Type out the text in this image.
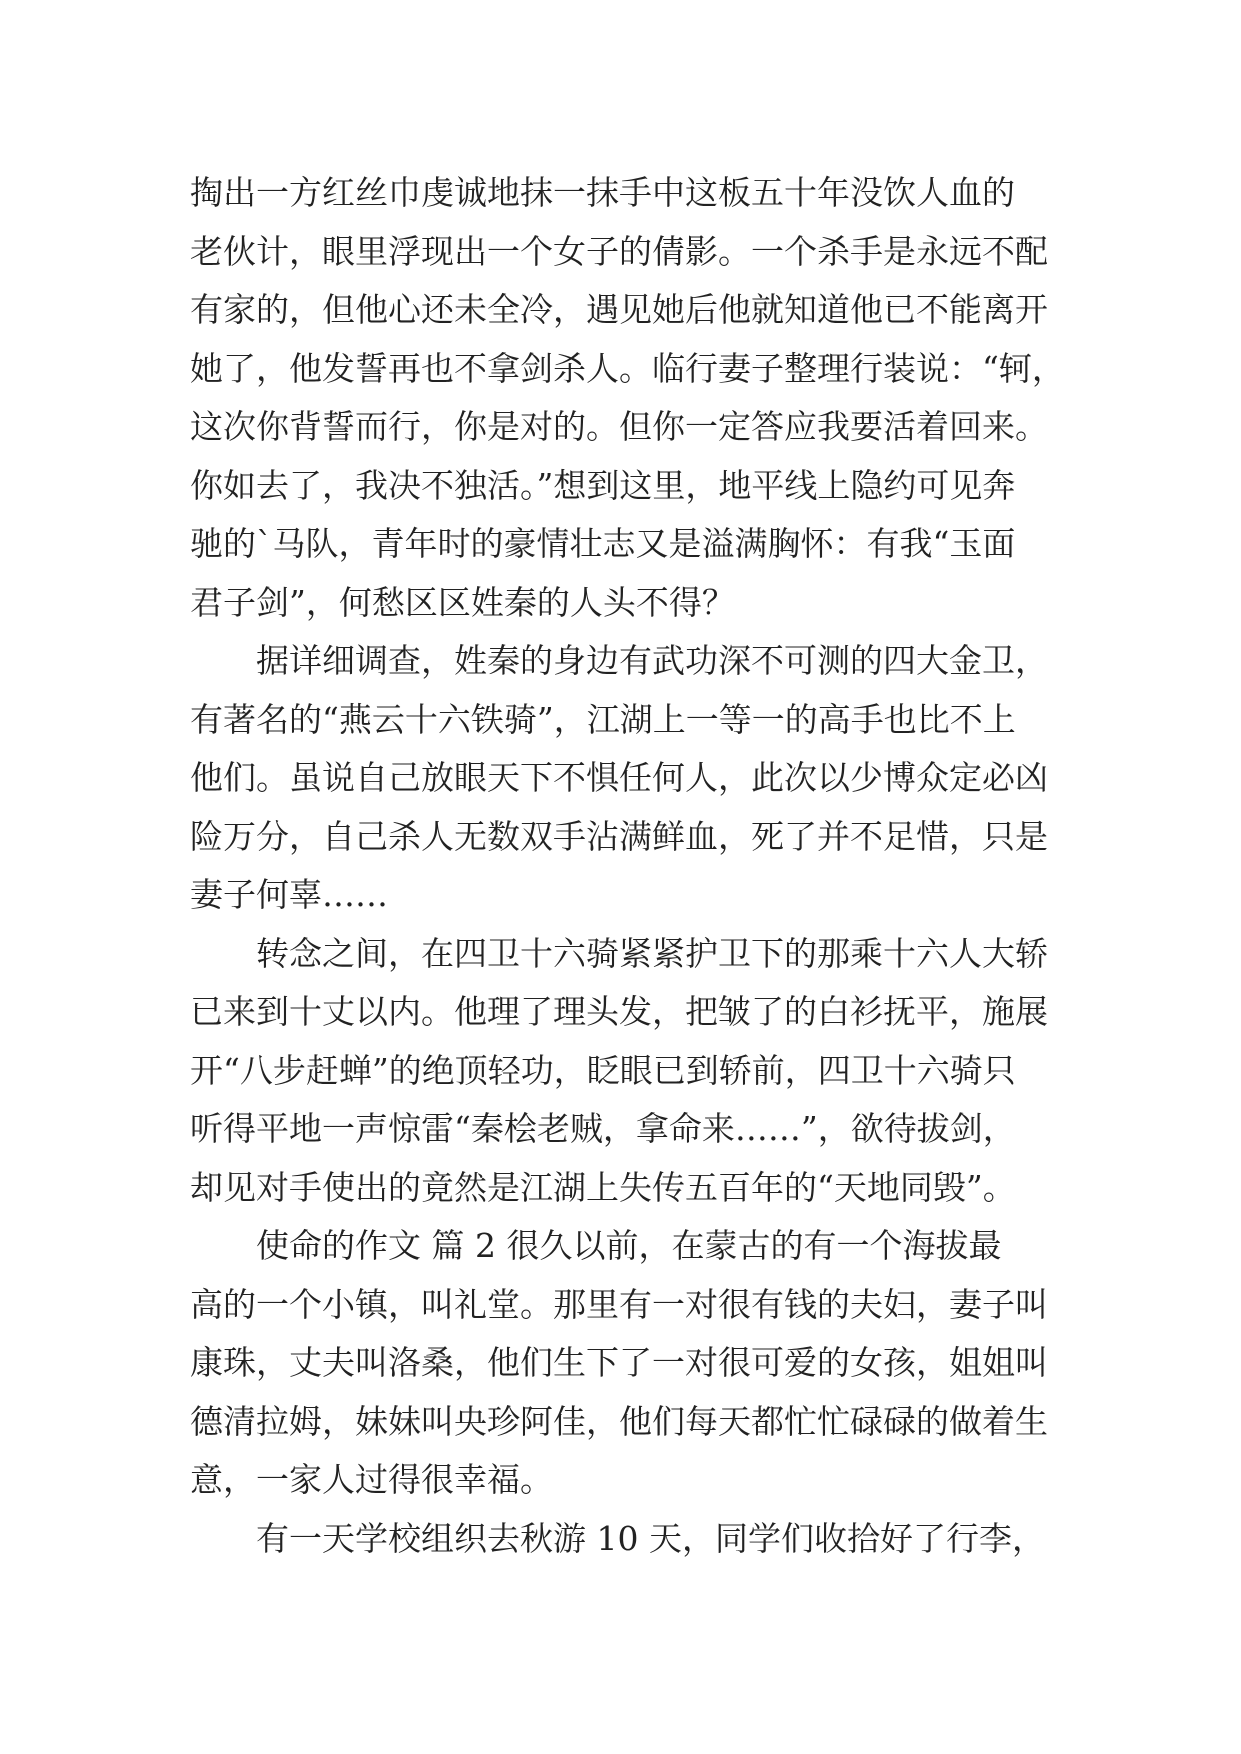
掏出一方红丝巾虔诚地抹一抹手中这板五十年没饮人血的
老伙计，眼里浮现出一个女子的倩影。一个杀手是永远不配
有家的，但他心还未全冷，遇见她后他就知道他已不能离开
她了，他发誓再也不拿剑杀人。临行妻子整理行装说：“轲，
这次你背誓而行，你是对的。但你一定答应我要活着回来。
你如去了，我决不独活。”想到这里，地平线上隐约可见奔
驰的`马队，青年时的豪情壮志又是溢满胸怀：有我“玉面
君子剑”，何愁区区姓秦的人头不得？
据详细调查，姓秦的身边有武功深不可测的四大金卫，
有著名的“燕云十六铁骑”，江湖上一等一的高手也比不上
他们。虽说自己放眼天下不惧任何人，此次以少博众定必凶
险万分，自己杀人无数双手沾满鲜血，死了并不足惜，只是
妻子何辜……
转念之间，在四卫十六骑紧紧护卫下的那乘十六人大轿
已来到十丈以内。他理了理头发，把皱了的白衫抚平，施展
开“八步赶蝉”的绝顶轻功，眨眼已到轿前，四卫十六骑只
听得平地一声惊雷“秦桧老贼，拿命来……”，欲待拔剑，
却见对手使出的竟然是江湖上失传五百年的“天地同毁”。
使命的作文 篇 2 很久以前，在蒙古的有一个海拔最
高的一个小镇，叫礼堂。那里有一对很有钱的夫妇，妻子叫
康珠，丈夫叫洛桑，他们生下了一对很可爱的女孩，姐姐叫
德清拉姆，妹妹叫央珍阿佳，他们每天都忙忙碌碌的做着生
意，一家人过得很幸福。
有一天学校组织去秋游 10 天，同学们收拾好了行李，
